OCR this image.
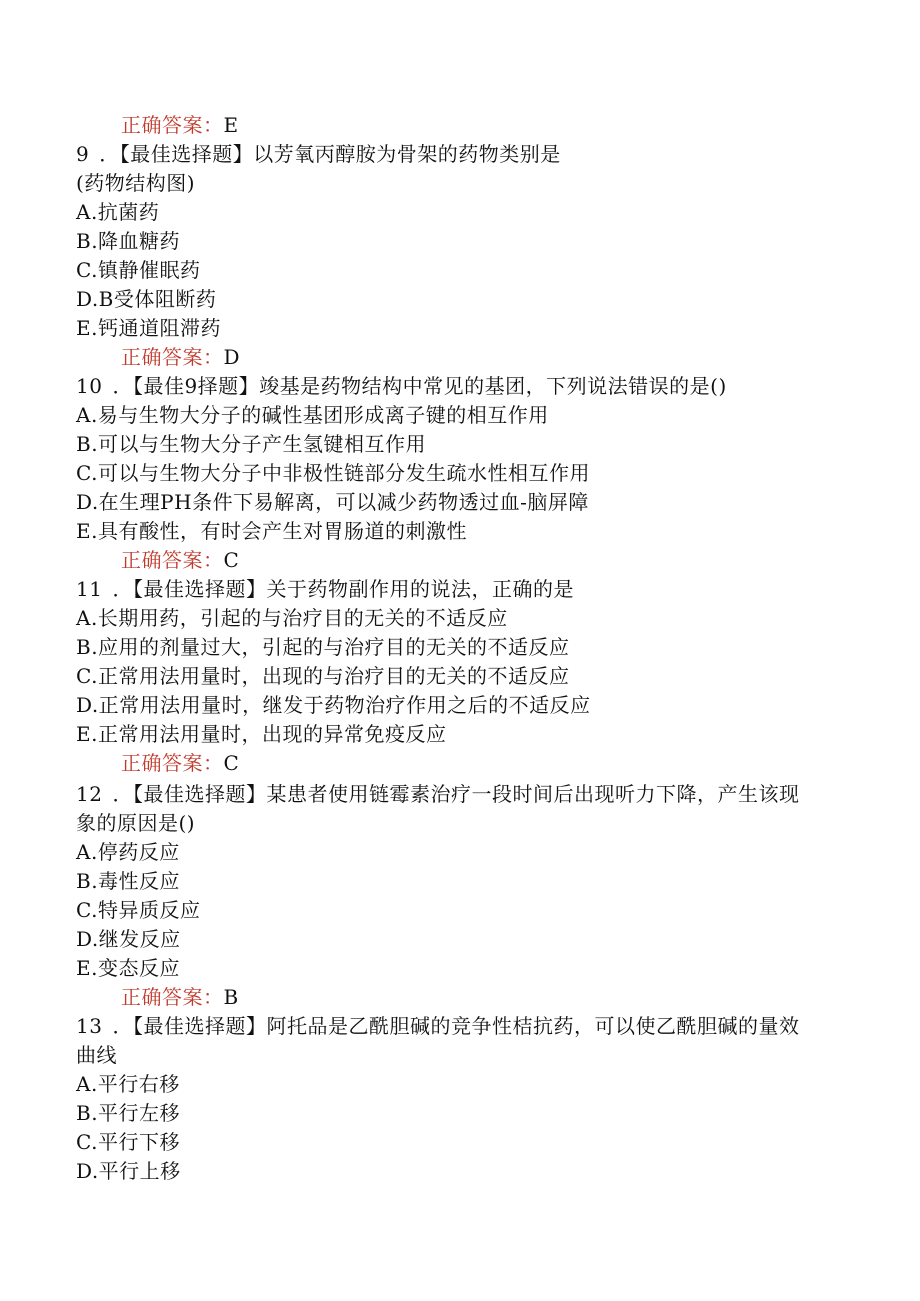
正确答案：E
9 ．【最佳选择题】以芳氧丙醇胺为骨架的药物类别是
(药物结构图)
A.抗菌药
B.降血糖药
C.镇静催眠药
D.B受体阻断药
E.钙通道阻滞药
正确答案：D
10 ．【最佳9择题】竣基是药物结构中常见的基团，下列说法错误的是()
A.易与生物大分子的碱性基团形成离子键的相互作用
B.可以与生物大分子产生氢键相互作用
C.可以与生物大分子中非极性链部分发生疏水性相互作用
D.在生理PH条件下易解离，可以减少药物透过血-脑屏障
E.具有酸性，有时会产生对胃肠道的刺激性
正确答案：C
11 ．【最佳选择题】关于药物副作用的说法，正确的是
A.长期用药，引起的与治疗目的无关的不适反应
B.应用的剂量过大，引起的与治疗目的无关的不适反应
C.正常用法用量时，出现的与治疗目的无关的不适反应
D.正常用法用量时，继发于药物治疗作用之后的不适反应
E.正常用法用量时，出现的异常免疫反应
正确答案：C
12 ．【最佳选择题】某患者使用链霉素治疗一段时间后出现听力下降，产生该现
象的原因是()
A.停药反应
B.毒性反应
C.特异质反应
D.继发反应
E.变态反应
正确答案：B
13 ．【最佳选择题】阿托品是乙酰胆碱的竞争性桔抗药，可以使乙酰胆碱的量效
曲线
A.平行右移
B.平行左移
C.平行下移
D.平行上移
